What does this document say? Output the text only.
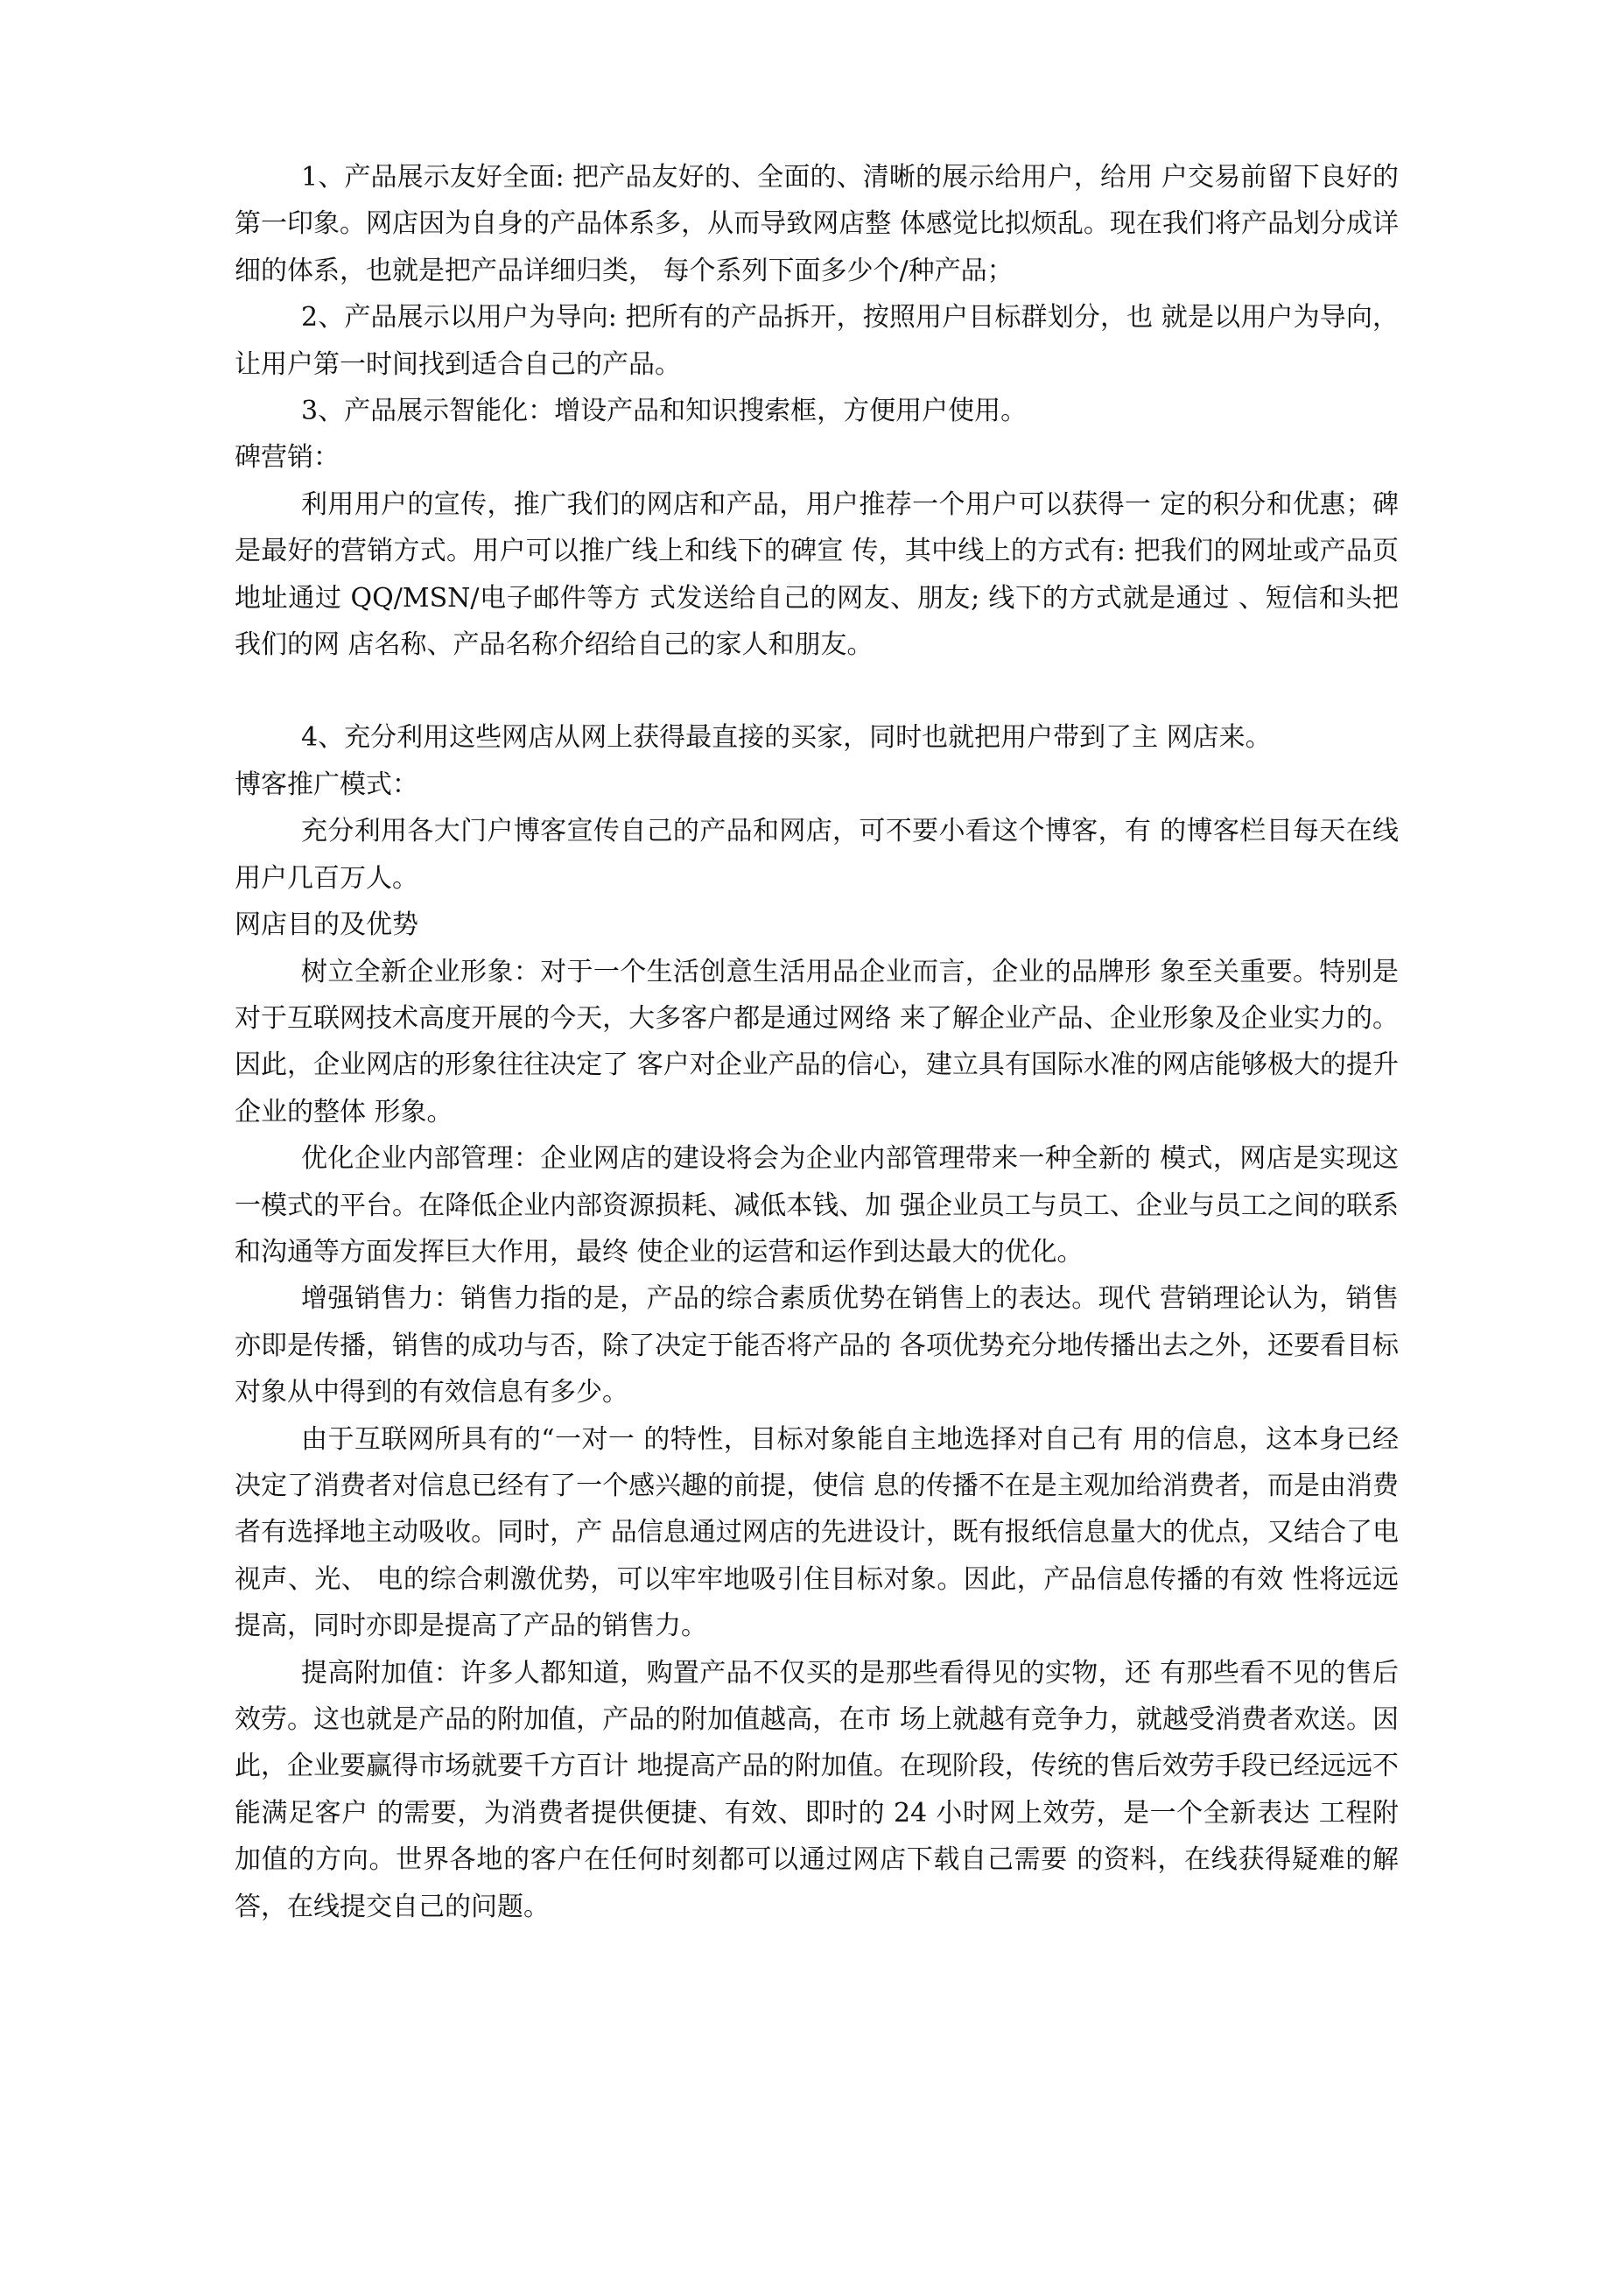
1、产品展示友好全面: 把产品友好的、全面的、清晰的展示给用户，给用 户交易前留下良好的第一印象。网店因为自身的产品体系多，从而导致网店整 体感觉比拟烦乱。现在我们将产品划分成详细的体系，也就是把产品详细归类， 每个系列下面多少个/种产品；

2、产品展示以用户为导向: 把所有的产品拆开，按照用户目标群划分，也 就是以用户为导向，让用户第一时间找到适合自己的产品。

3、产品展示智能化：增设产品和知识搜索框，方便用户使用。

碑营销：

利用用户的宣传，推广我们的网店和产品，用户推荐一个用户可以获得一 定的积分和优惠；碑是最好的营销方式。用户可以推广线上和线下的碑宣 传，其中线上的方式有: 把我们的网址或产品页地址通过 QQ/MSN/电子邮件等方 式发送给自己的网友、朋友; 线下的方式就是通过 、短信和头把我们的网 店名称、产品名称介绍给自己的家人和朋友。

4、充分利用这些网店从网上获得最直接的买家，同时也就把用户带到了主 网店来。

博客推广模式：

充分利用各大门户博客宣传自己的产品和网店，可不要小看这个博客，有 的博客栏目每天在线用户几百万人。

网店目的及优势

树立全新企业形象：对于一个生活创意生活用品企业而言，企业的品牌形 象至关重要。特别是对于互联网技术高度开展的今天，大多客户都是通过网络 来了解企业产品、企业形象及企业实力的。因此，企业网店的形象往往决定了 客户对企业产品的信心，建立具有国际水准的网店能够极大的提升企业的整体 形象。

优化企业内部管理：企业网店的建设将会为企业内部管理带来一种全新的 模式，网店是实现这一模式的平台。在降低企业内部资源损耗、减低本钱、加 强企业员工与员工、企业与员工之间的联系和沟通等方面发挥巨大作用，最终 使企业的运营和运作到达最大的优化。

增强销售力：销售力指的是，产品的综合素质优势在销售上的表达。现代 营销理论认为，销售亦即是传播，销售的成功与否，除了决定于能否将产品的 各项优势充分地传播出去之外，还要看目标对象从中得到的有效信息有多少。

由于互联网所具有的“一对一 的特性，目标对象能自主地选择对自己有 用的信息，这本身已经决定了消费者对信息已经有了一个感兴趣的前提，使信 息的传播不在是主观加给消费者，而是由消费者有选择地主动吸收。同时，产 品信息通过网店的先进设计，既有报纸信息量大的优点，又结合了电视声、光、 电的综合刺激优势，可以牢牢地吸引住目标对象。因此，产品信息传播的有效 性将远远提高，同时亦即是提高了产品的销售力。

提高附加值：许多人都知道，购置产品不仅买的是那些看得见的实物，还 有那些看不见的售后效劳。这也就是产品的附加值，产品的附加值越高，在市 场上就越有竞争力，就越受消费者欢送。因此，企业要赢得市场就要千方百计 地提高产品的附加值。在现阶段，传统的售后效劳手段已经远远不能满足客户 的需要，为消费者提供便捷、有效、即时的 24 小时网上效劳，是一个全新表达 工程附加值的方向。世界各地的客户在任何时刻都可以通过网店下载自己需要 的资料，在线获得疑难的解答，在线提交自己的问题。
